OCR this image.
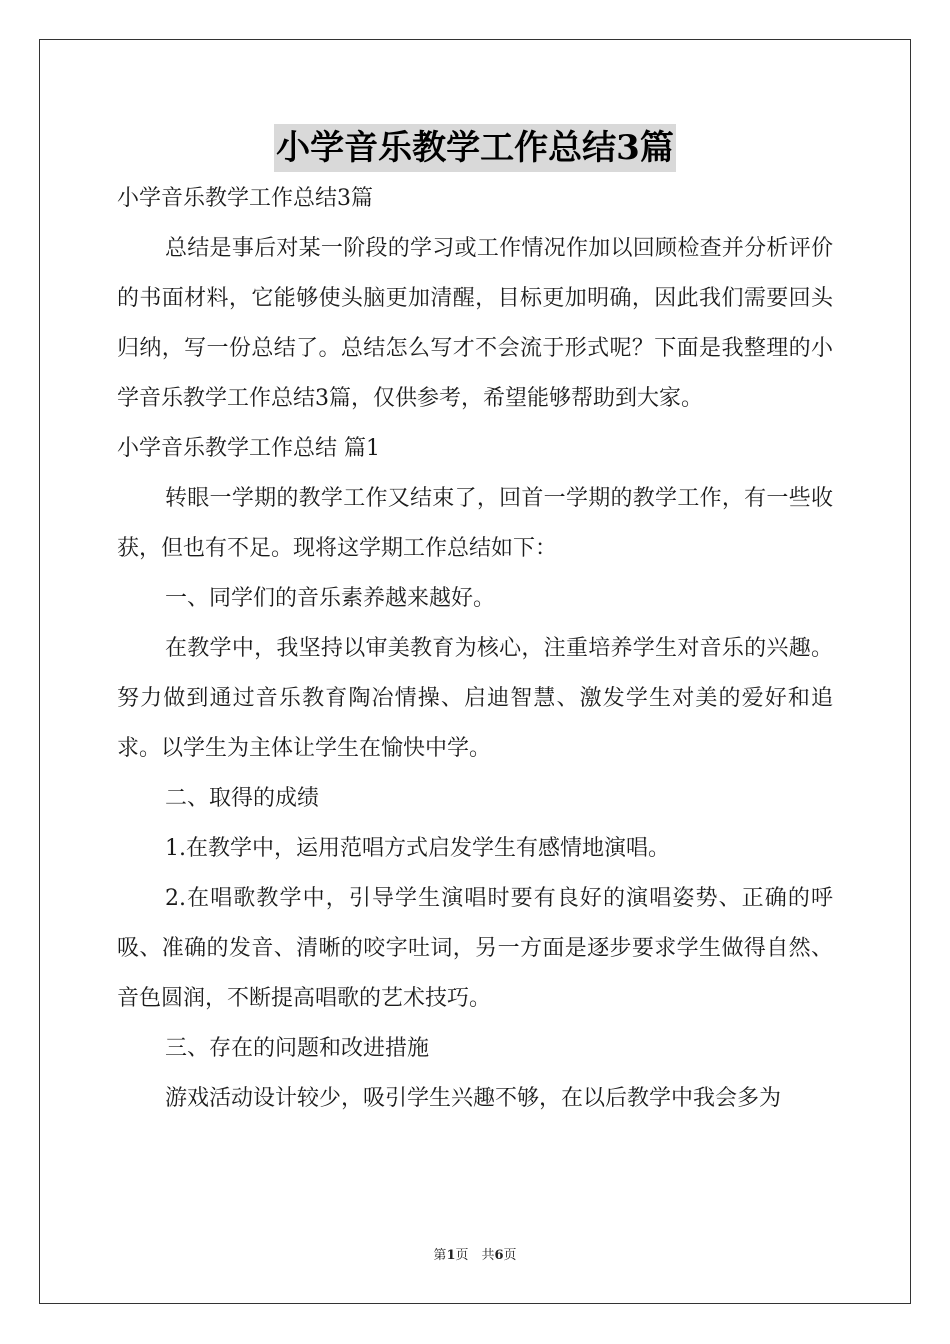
小学音乐教学工作总结3篇

小学音乐教学工作总结3篇

总结是事后对某一阶段的学习或工作情况作加以回顾检查并分析评价的书面材料，它能够使头脑更加清醒，目标更加明确，因此我们需要回头归纳，写一份总结了。总结怎么写才不会流于形式呢？下面是我整理的小学音乐教学工作总结3篇，仅供参考，希望能够帮助到大家。

小学音乐教学工作总结 篇1

转眼一学期的教学工作又结束了，回首一学期的教学工作，有一些收获，但也有不足。现将这学期工作总结如下：

一、同学们的音乐素养越来越好。

在教学中，我坚持以审美教育为核心，注重培养学生对音乐的兴趣。努力做到通过音乐教育陶冶情操、启迪智慧、激发学生对美的爱好和追求。以学生为主体让学生在愉快中学。

二、取得的成绩

1.在教学中，运用范唱方式启发学生有感情地演唱。

2.在唱歌教学中，引导学生演唱时要有良好的演唱姿势、正确的呼吸、准确的发音、清晰的咬字吐词，另一方面是逐步要求学生做得自然、音色圆润，不断提高唱歌的艺术技巧。

三、存在的问题和改进措施

游戏活动设计较少，吸引学生兴趣不够，在以后教学中我会多为

第1页　共6页
